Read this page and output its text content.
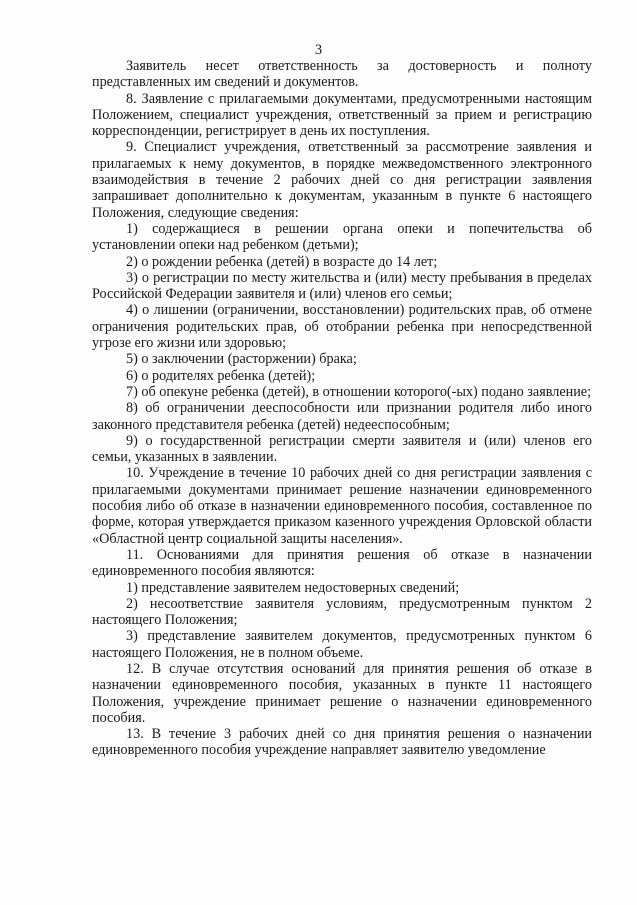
3

Заявитель несет ответственность за достоверность и полноту представленных им сведений и документов.

8. Заявление с прилагаемыми документами, предусмотренными настоящим Положением, специалист учреждения, ответственный за прием и регистрацию корреспонденции, регистрирует в день их поступления.

9. Специалист учреждения, ответственный за рассмотрение заявления и прилагаемых к нему документов, в порядке межведомственного электронного взаимодействия в течение 2 рабочих дней со дня регистрации заявления запрашивает дополнительно к документам, указанным в пункте 6 настоящего Положения, следующие сведения:

1) содержащиеся в решении органа опеки и попечительства об установлении опеки над ребенком (детьми);

2) о рождении ребенка (детей) в возрасте до 14 лет;

3) о регистрации по месту жительства и (или) месту пребывания в пределах Российской Федерации заявителя и (или) членов его семьи;

4) о лишении (ограничении, восстановлении) родительских прав, об отмене ограничения родительских прав, об отобрании ребенка при непосредственной угрозе его жизни или здоровью;

5) о заключении (расторжении) брака;

6) о родителях ребенка (детей);

7) об опекуне ребенка (детей), в отношении которого(-ых) подано заявление;

8) об ограничении дееспособности или признании родителя либо иного законного представителя ребенка (детей) недееспособным;

9) о государственной регистрации смерти заявителя и (или) членов его семьи, указанных в заявлении.

10. Учреждение в течение 10 рабочих дней со дня регистрации заявления с прилагаемыми документами принимает решение назначении единовременного пособия либо об отказе в назначении единовременного пособия, составленное по форме, которая утверждается приказом казенного учреждения Орловской области «Областной центр социальной защиты населения».

11. Основаниями для принятия решения об отказе в назначении единовременного пособия являются:

1) представление заявителем недостоверных сведений;

2) несоответствие заявителя условиям, предусмотренным пунктом 2 настоящего Положения;

3) представление заявителем документов, предусмотренных пунктом 6 настоящего Положения, не в полном объеме.

12. В случае отсутствия оснований для принятия решения об отказе в назначении единовременного пособия, указанных в пункте 11 настоящего Положения, учреждение принимает решение о назначении единовременного пособия.

13. В течение 3 рабочих дней со дня принятия решения о назначении единовременного пособия учреждение направляет заявителю уведомление
